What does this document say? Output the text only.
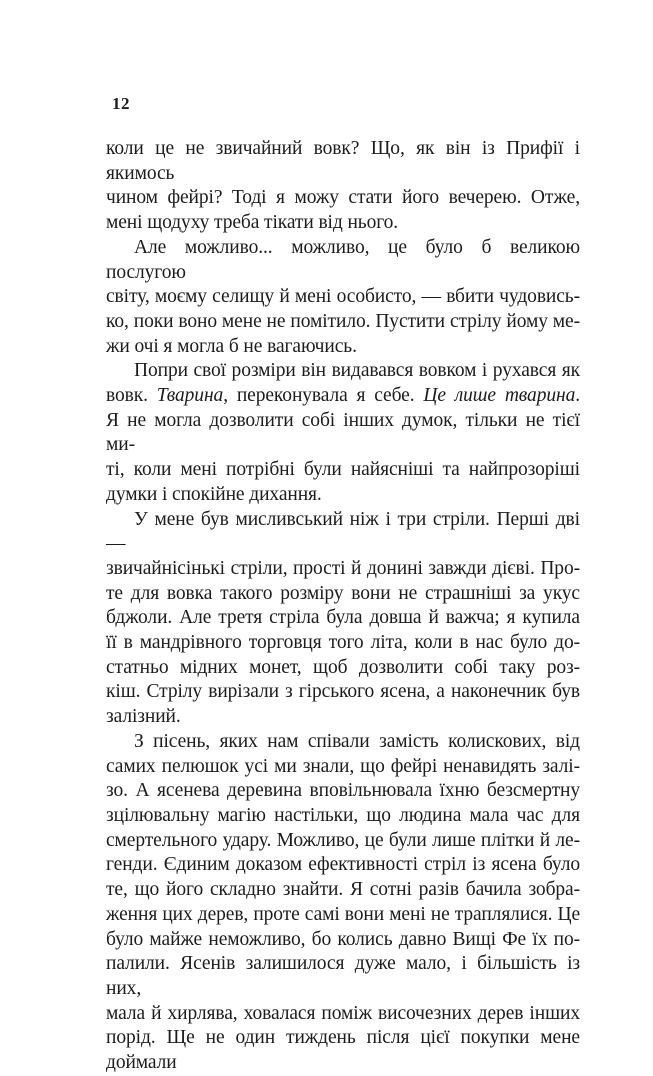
12
коли це не звичайний вовк? Що, як він із Прифії і якимось
чином фейрі? Тоді я можу стати його вечерею. Отже,
мені щодуху треба тікати від нього.
Але можливо... можливо, це було б великою послугою
світу, моєму селищу й мені особисто, — вбити чудовись-
ко, поки воно мене не помітило. Пустити стрілу йому ме-
жи очі я могла б не вагаючись.
Попри свої розміри він видавався вовком і рухався як
вовк. Тварина, переконувала я себе. Це лише тварина.
Я не могла дозволити собі інших думок, тільки не тієї ми-
ті, коли мені потрібні були найясніші та найпрозоріші
думки і спокійне дихання.
У мене був мисливський ніж і три стріли. Перші дві —
звичайнісінькі стріли, прості й донині завжди дієві. Про-
те для вовка такого розміру вони не страшніші за укус
бджоли. Але третя стріла була довша й важча; я купила
її в мандрівного торговця того літа, коли в нас було до-
статньо мідних монет, щоб дозволити собі таку роз-
кіш. Стрілу вирізали з гірського ясена, а наконечник був
залізний.
З пісень, яких нам співали замість колискових, від
самих пелюшок усі ми знали, що фейрі ненавидять залі-
зо. А ясенева деревина вповільнювала їхню безсмертну
зцілювальну магію настільки, що людина мала час для
смертельного удару. Можливо, це були лише плітки й ле-
генди. Єдиним доказом ефективності стріл із ясена було
те, що його складно знайти. Я сотні разів бачила зобра-
ження цих дерев, проте самі вони мені не траплялися. Це
було майже неможливо, бо колись давно Вищі Фе їх по-
палили. Ясенів залишилося дуже мало, і більшість із них,
мала й хирлява, ховалася поміж височезних дерев інших
порід. Ще не один тиждень після цієї покупки мене доймали
